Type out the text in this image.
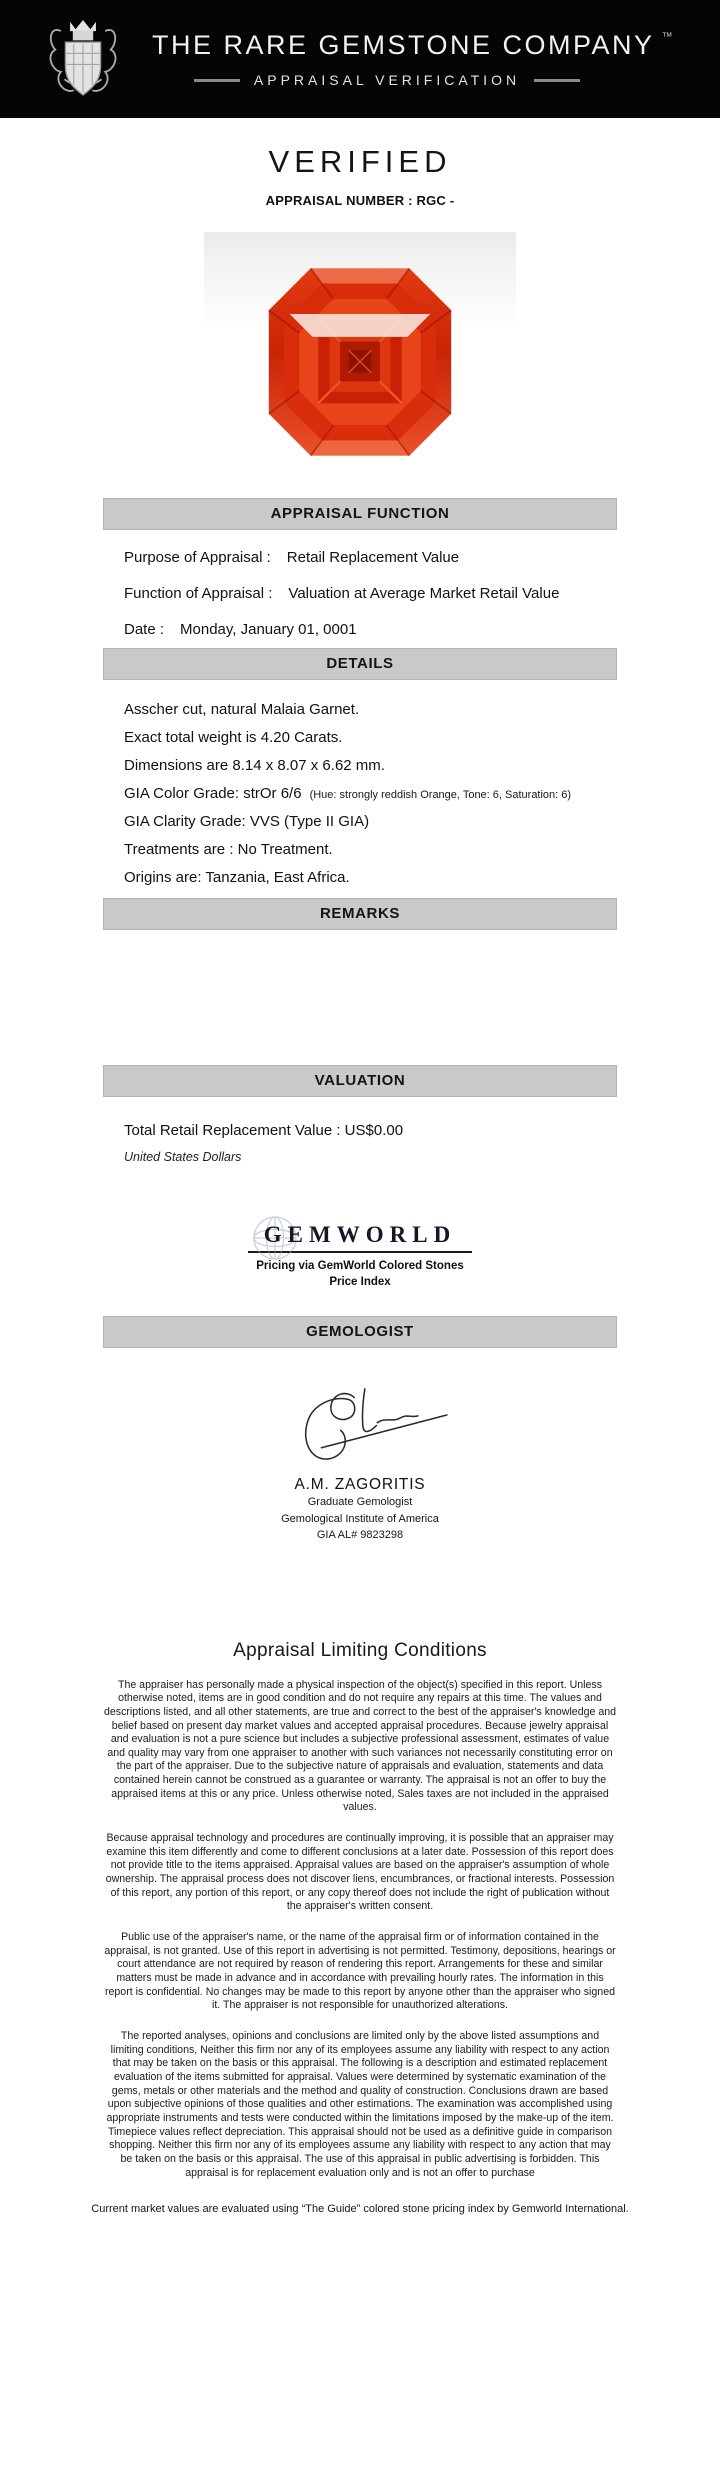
THE RARE GEMSTONE COMPANY ™
APPRAISAL VERIFICATION
VERIFIED
APPRAISAL NUMBER : RGC -
APPRAISAL FUNCTION
Purpose of Appraisal : Retail Replacement Value
Function of Appraisal : Valuation at Average Market Retail Value
Date : Monday, January 01, 0001
DETAILS
Asscher cut, natural Malaia Garnet.
Exact total weight is 4.20 Carats.
Dimensions are 8.14 x 8.07 x 6.62 mm.
GIA Color Grade: strOr 6/6 (Hue: strongly reddish Orange, Tone: 6, Saturation: 6)
GIA Clarity Grade: VVS (Type II GIA)
Treatments are : No Treatment.
Origins are: Tanzania, East Africa.
REMARKS
VALUATION
Total Retail Replacement Value : US$0.00
United States Dollars
GEMWORLD
Pricing via GemWorld Colored Stones Price Index
GEMOLOGIST
A.M. ZAGORITIS
Graduate Gemologist
Gemological Institute of America
GIA AL# 9823298
Appraisal Limiting Conditions

The appraiser has personally made a physical inspection of the object(s) specified in this report. Unless otherwise noted, items are in good condition and do not require any repairs at this time. The values and descriptions listed, and all other statements, are true and correct to the best of the appraiser's knowledge and belief based on present day market values and accepted appraisal procedures. Because jewelry appraisal and evaluation is not a pure science but includes a subjective professional assessment, estimates of value and quality may vary from one appraiser to another with such variances not necessarily constituting error on the part of the appraiser. Due to the subjective nature of appraisals and evaluation, statements and data contained herein cannot be construed as a guarantee or warranty. The appraisal is not an offer to buy the appraised items at this or any price. Unless otherwise noted, Sales taxes are not included in the appraised values.

Because appraisal technology and procedures are continually improving, it is possible that an appraiser may examine this item differently and come to different conclusions at a later date. Possession of this report does not provide title to the items appraised. Appraisal values are based on the appraiser's assumption of whole ownership. The appraisal process does not discover liens, encumbrances, or fractional interests. Possession of this report, any portion of this report, or any copy thereof does not include the right of publication without the appraiser's written consent.

Public use of the appraiser's name, or the name of the appraisal firm or of information contained in the appraisal, is not granted. Use of this report in advertising is not permitted. Testimony, depositions, hearings or court attendance are not required by reason of rendering this report. Arrangements for these and similar matters must be made in advance and in accordance with prevailing hourly rates. The information in this report is confidential. No changes may be made to this report by anyone other than the appraiser who signed it. The appraiser is not responsible for unauthorized alterations.

The reported analyses, opinions and conclusions are limited only by the above listed assumptions and limiting conditions, Neither this firm nor any of its employees assume any liability with respect to any action that may be taken on the basis or this appraisal. The following is a description and estimated replacement evaluation of the items submitted for appraisal. Values were determined by systematic examination of the gems, metals or other materials and the method and quality of construction. Conclusions drawn are based upon subjective opinions of those qualities and other estimations. The examination was accomplished using appropriate instruments and tests were conducted within the limitations imposed by the make-up of the item. Timepiece values reflect depreciation. This appraisal should not be used as a definitive guide in comparison shopping. Neither this firm nor any of its employees assume any liability with respect to any action that may be taken on the basis or this appraisal. The use of this appraisal in public advertising is forbidden. This appraisal is for replacement evaluation only and is not an offer to purchase

Current market values are evaluated using “The Guide” colored stone pricing index by Gemworld International.
